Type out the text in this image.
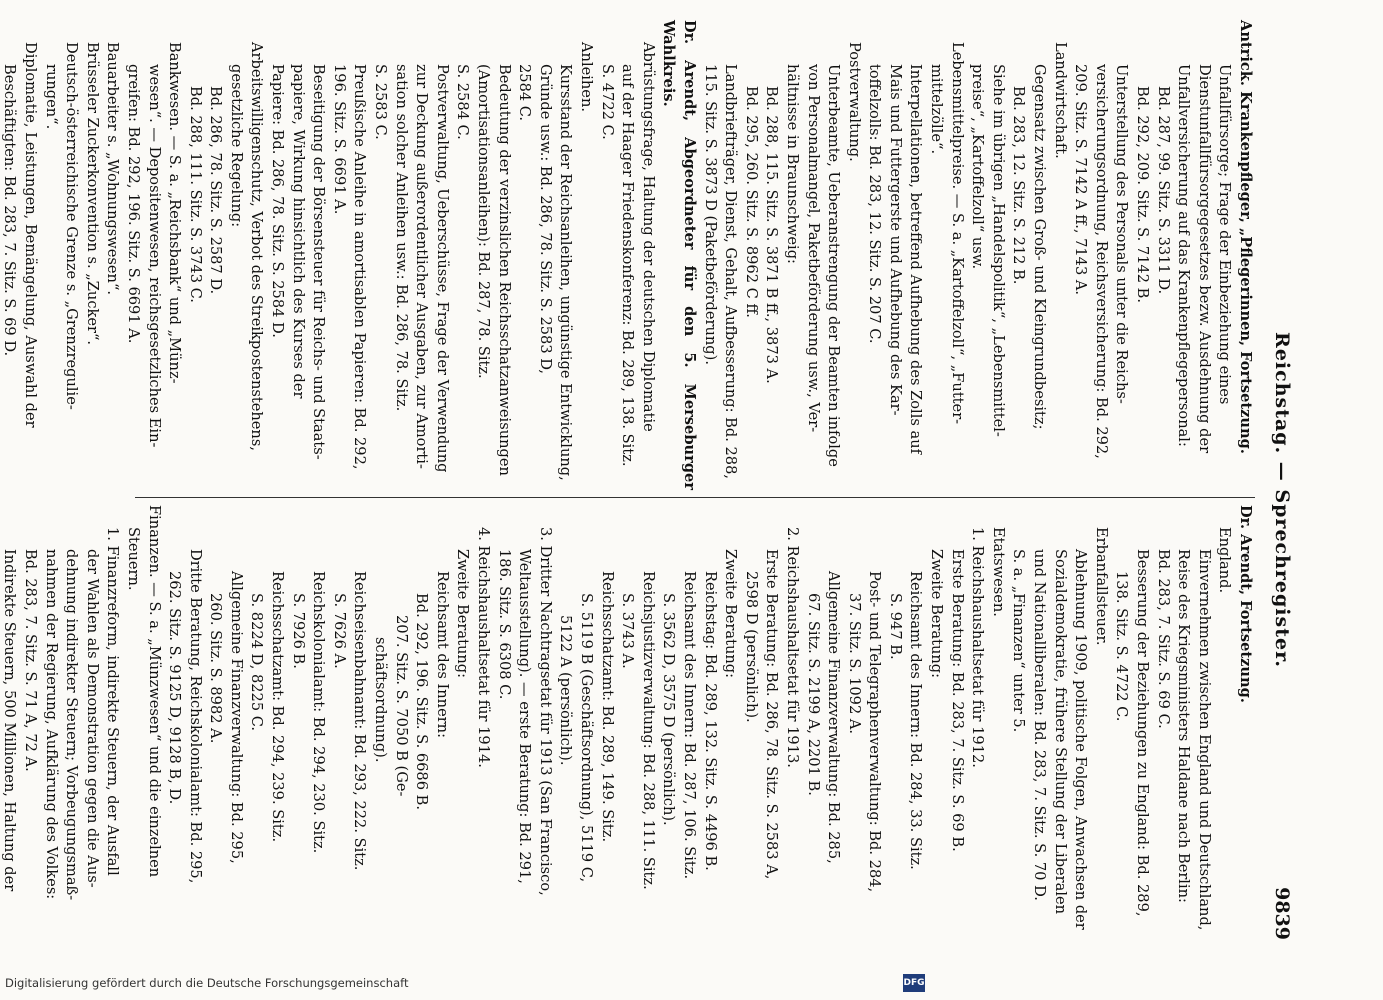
Reichstag. — Sprechregister.
9839
Antrick. Krankenpfleger, „Pflegerinnen, Fortsetzung.
Unfallfürsorge; Frage der Einbeziehung eines
Dienstunfallfürsorgegesetzes bezw. Ausdehnung der
Unfallversicherung auf das Krankenpflegepersonal:
Bd. 287, 99. Sitz. S. 3311 D.
Bd. 292, 209. Sitz. S. 7142 B.
Unterstellung des Personals unter die Reichs-
versicherungsordnung, Reichsversicherung: Bd. 292,
209. Sitz. S. 7142 A ff., 7143 A.
Landwirtschaft.
Gegensatz zwischen Groß- und Kleingrundbesitz;
Bd. 283, 12. Sitz. S. 212 B.
Siehe im übrigen „Handelspolitik“, „Lebensmittel-
preise“, „Kartoffelzoll“ usw.
Lebensmittelpreise. — S. a. „Kartoffelzoll“, „Futter-
mittelzölle“.
Interpellationen, betreffend Aufhebung des Zolls auf
Mais und Futtergerste und Aufhebung des Kar-
toffelzolls: Bd. 283, 12. Sitz. S. 207 C.
Postverwaltung.
Unterbeamte, Ueberanstrengung der Beamten infolge
von Personalmangel, Paketbeförderung usw., Ver-
hältnisse in Braunschweig:
Bd. 288, 115. Sitz. S. 3871 B ff., 3873 A.
Bd. 295, 260. Sitz. S. 8962 C ff.
Landbriefträger, Dienst, Gehalt, Aufbesserung: Bd. 288,
115. Sitz. S. 3873 D (Paketbeförderung).
Dr. Arendt, Abgeordneter für den 5. Merseburger Wahlkreis.
Abrüstungsfrage, Haltung der deutschen Diplomatie
auf der Haager Friedenskonferenz: Bd. 289, 138. Sitz.
S. 4722 C.
Anleihen.
Kursstand der Reichsanleihen, ungünstige Entwicklung,
Gründe usw.: Bd. 286, 78. Sitz. S. 2583 D,
2584 C.
Bedeutung der verzinslichen Reichsschatzanweisungen
(Amortisationsanleihen): Bd. 287, 78. Sitz.
S. 2584 C.
Postverwaltung, Ueberschüsse, Frage der Verwendung
zur Deckung außerordentlicher Ausgaben, zur Amorti-
sation solcher Anleihen usw.: Bd. 286, 78. Sitz.
S. 2583 C.
Preußische Anleihe in amortisablen Papieren: Bd. 292,
196. Sitz. S. 6691 A.
Beseitigung der Börsensteuer für Reichs- und Staats-
papiere, Wirkung hinsichtlich des Kurses der
Papiere: Bd. 286, 78. Sitz. S. 2584 D.
Arbeitswilligenschutz, Verbot des Streikpostenstehens,
gesetzliche Regelung:
Bd. 286, 78. Sitz. S. 2587 D.
Bd. 288, 111. Sitz. S. 3743 C.
Bankwesen. — S. a. „Reichsbank“ und „Münz-
wesen“. — Depositenwesen, reichsgesetzliches Ein-
greifen: Bd. 292, 196. Sitz. S. 6691 A.
Bauarbeiter s. „Wohnungswesen“.
Brüsseler Zuckerkonvention s. „Zucker“.
Deutsch-österreichische Grenze s. „Grenzregulie-
rungen“.
Diplomatie, Leistungen, Bemängelung, Auswahl der
Beschäftigten: Bd. 283, 7. Sitz. S. 69 D.
Dr. Arendt, Fortsetzung.
England.
Einvernehmen zwischen England und Deutschland,
Reise des Kriegsministers Haldane nach Berlin:
Bd. 283, 7. Sitz. S. 69 C.
Besserung der Beziehungen zu England: Bd. 289,
138. Sitz. S. 4722 C.
Erbanfallsteuer.
Ablehnung 1909, politische Folgen, Anwachsen der
Sozialdemokratie, frühere Stellung der Liberalen
und Nationalliberalen: Bd. 283, 7. Sitz. S. 70 D.
S. a. „Finanzen“ unter 5.
Etatswesen.
1. Reichshaushaltsetat für 1912.
Erste Beratung: Bd. 283, 7. Sitz. S. 69 B.
Zweite Beratung:
Reichsamt des Innern: Bd. 284, 33. Sitz.
S. 947 B.
Post- und Telegraphenverwaltung: Bd. 284,
37. Sitz. S. 1092 A.
Allgemeine Finanzverwaltung: Bd. 285,
67. Sitz. S. 2199 A, 2201 B.
2. Reichshaushaltsetat für 1913.
Erste Beratung: Bd. 286, 78. Sitz. S. 2583 A,
2598 D (persönlich).
Zweite Beratung:
Reichstag: Bd. 289, 132. Sitz. S. 4496 B.
Reichsamt des Innern: Bd. 287, 106. Sitz.
S. 3562 D, 3575 D (persönlich).
Reichsjustizverwaltung: Bd. 288, 111. Sitz.
S. 3743 A.
Reichsschatzamt: Bd. 289, 149. Sitz.
S. 5119 B (Geschäftsordnung), 5119 C,
5122 A (persönlich).
3. Dritter Nachtragsetat für 1913 (San Francisco,
Weltausstellung). — erste Beratung: Bd. 291,
186. Sitz. S. 6308 C.
4. Reichshaushaltsetat für 1914.
Zweite Beratung:
Reichsamt des Innern:
Bd. 292, 196. Sitz. S. 6686 B.
207. Sitz. S. 7050 B (Ge-
schäftsordnung).
Reichseisenbahnamt: Bd. 293, 222. Sitz.
S. 7626 A.
Reichskolonialamt: Bd. 294, 230. Sitz.
S. 7926 B.
Reichsschatzamt: Bd. 294, 239. Sitz.
S. 8224 D, 8225 C.
Allgemeine Finanzverwaltung: Bd. 295,
260. Sitz. S. 8982 A.
Dritte Beratung, Reichskolonialamt: Bd. 295,
262. Sitz. S. 9125 D, 9128 B, D.
Finanzen. — S. a. „Münzwesen“ und die einzelnen
Steuern.
1. Finanzreform, indirekte Steuern, der Ausfall
der Wahlen als Demonstration gegen die Aus-
dehnung indirekter Steuern; Vorbeugungsmaß-
nahmen der Regierung, Aufklärung des Volkes:
Bd. 283, 7. Sitz. S. 71 A, 72 A.
Indirekte Steuern, 500 Millionen, Haltung der
Digitalisierung gefördert durch die Deutsche Forschungsgemeinschaft	DFG
